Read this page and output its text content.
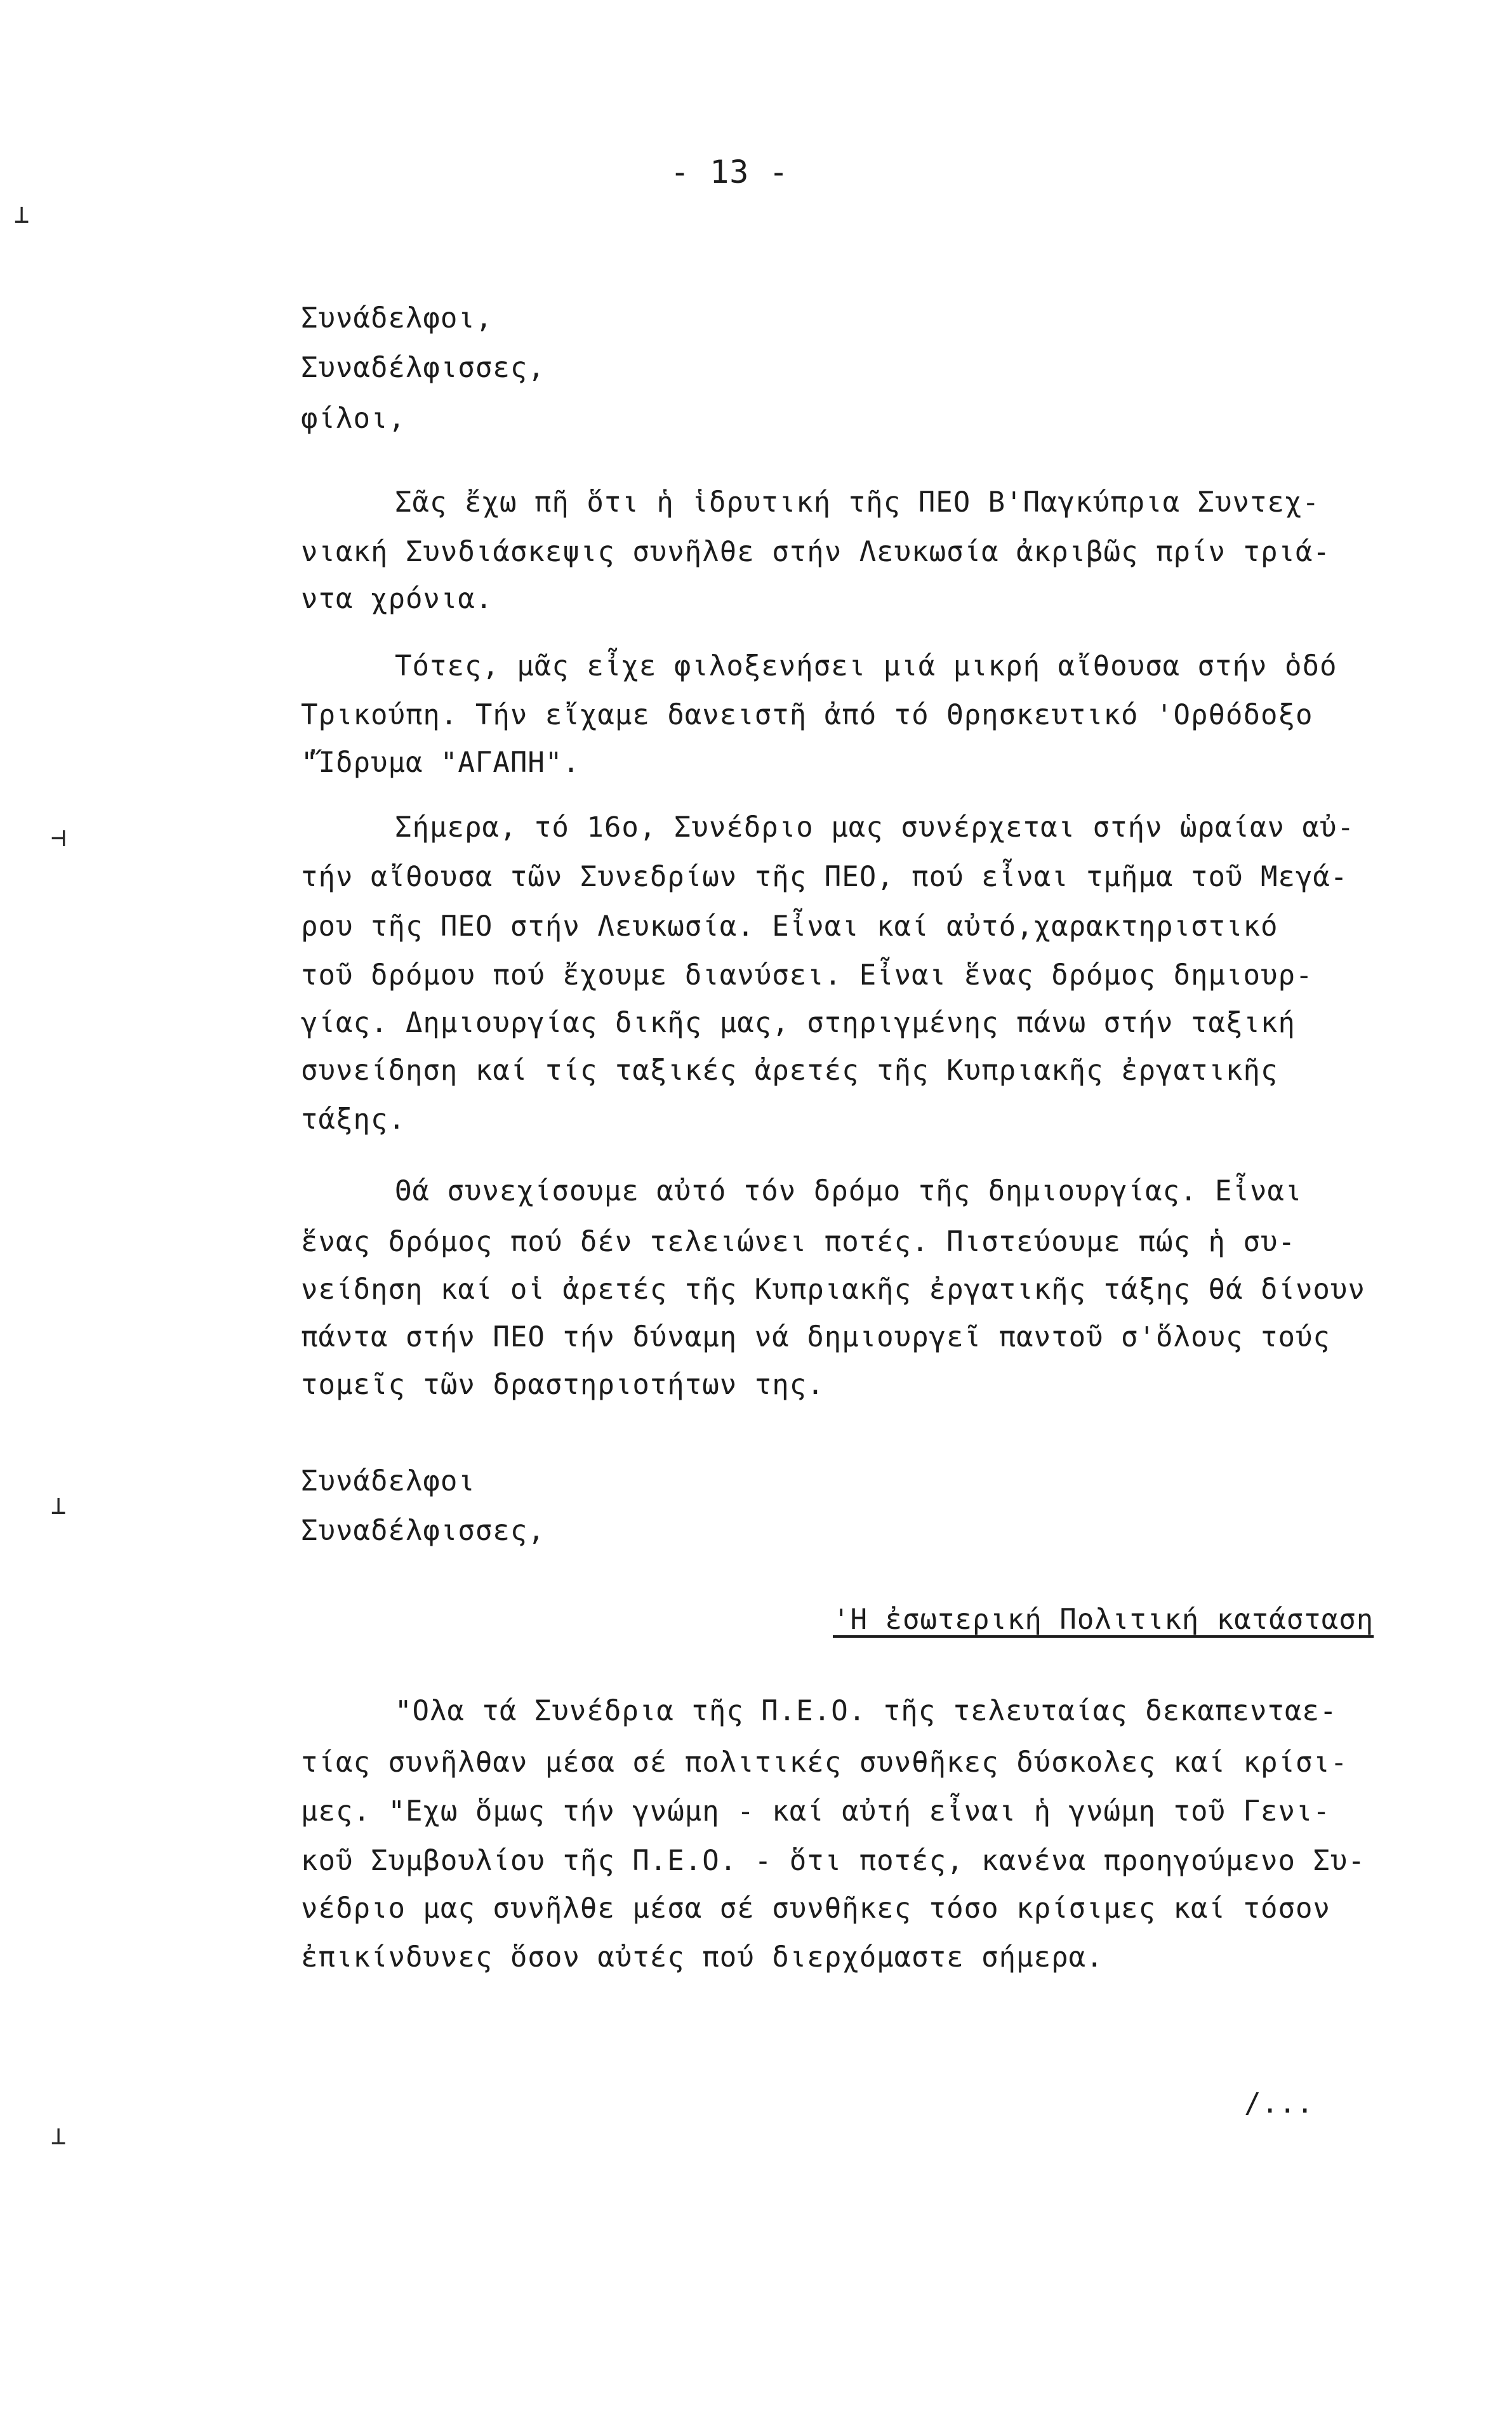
⊥
⊣
⊥
⊥
- 13 -
Συνάδελφοι,
Συναδέλφισσες,
φίλοι,
Σᾶς ἔχω πῆ ὅτι ἡ ἱδρυτική τῆς ΠΕΟ Β'Παγκύπρια Συντεχ-
νιακή Συνδιάσκεψις συνῆλθε στήν Λευκωσία ἀκριβῶς πρίν τριά-
ντα χρόνια.
Τότες, μᾶς εἶχε φιλοξενήσει μιά μικρή αἴθουσα στήν ὁδό
Τρικούπη. Τήν εἴχαμε δανειστῆ ἀπό τό Θρησκευτικό 'Ορθόδοξο
"Ἴδρυμα "ΑΓΑΠΗ".
Σήμερα, τό 16ο, Συνέδριο μας συνέρχεται στήν ὡραίαν αὐ-
τήν αἴθουσα τῶν Συνεδρίων τῆς ΠΕΟ, πού εἶναι τμῆμα τοῦ Μεγά-
ρου τῆς ΠΕΟ στήν Λευκωσία. Εἶναι καί αὐτό,χαρακτηριστικό
τοῦ δρόμου πού ἔχουμε διανύσει. Εἶναι ἕνας δρόμος δημιουρ-
γίας. Δημιουργίας δικῆς μας, στηριγμένης πάνω στήν ταξική
συνείδηση καί τίς ταξικές ἀρετές τῆς Κυπριακῆς ἐργατικῆς
τάξης.
Θά συνεχίσουμε αὐτό τόν δρόμο τῆς δημιουργίας. Εἶναι
ἕνας δρόμος πού δέν τελειώνει ποτές. Πιστεύουμε πώς ἡ συ-
νείδηση καί οἱ ἀρετές τῆς Κυπριακῆς ἐργατικῆς τάξης θά δίνουν
πάντα στήν ΠΕΟ τήν δύναμη νά δημιουργεῖ παντοῦ σ'ὅλους τούς
τομεῖς τῶν δραστηριοτήτων της.
Συνάδελφοι
Συναδέλφισσες,
'Η ἐσωτερική Πολιτική κατάσταση
"Ολα τά Συνέδρια τῆς Π.Ε.Ο. τῆς τελευταίας δεκαπενταε-
τίας συνῆλθαν μέσα σέ πολιτικές συνθῆκες δύσκολες καί κρίσι-
μες. "Εχω ὅμως τήν γνώμη - καί αὐτή εἶναι ἡ γνώμη τοῦ Γενι-
κοῦ Συμβουλίου τῆς Π.Ε.Ο. - ὅτι ποτές, κανένα προηγούμενο Συ-
νέδριο μας συνῆλθε μέσα σέ συνθῆκες τόσο κρίσιμες καί τόσον
ἐπικίνδυνες ὅσον αὐτές πού διερχόμαστε σήμερα.
/...
